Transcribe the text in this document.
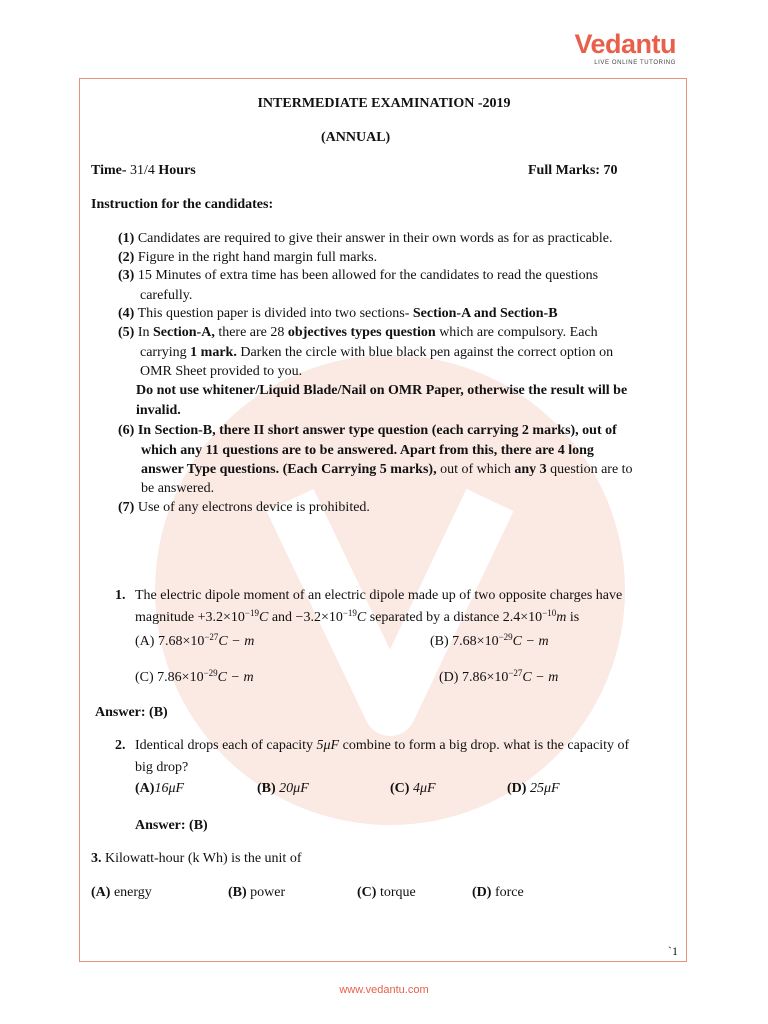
Vedantu
LIVE ONLINE TUTORING
INTERMEDIATE EXAMINATION -2019
(ANNUAL)
Time- 31/4 Hours	Full Marks: 70
Instruction for the candidates:
(1) Candidates are required to give their answer in their own words as for as practicable.
(2) Figure in the right hand margin full marks.
(3) 15 Minutes of extra time has been allowed for the candidates to read the questions
carefully.
(4) This question paper is divided into two sections- Section-A and Section-B
(5) In Section-A, there are 28 objectives types question which are compulsory. Each
carrying 1 mark. Darken the circle with blue black pen against the correct option on
OMR Sheet provided to you.
Do not use whitener/Liquid Blade/Nail on OMR Paper, otherwise the result will be
invalid.
(6) In Section-B, there II short answer type question (each carrying 2 marks), out of
which any 11 questions are to be answered. Apart from this, there are 4 long
answer Type questions. (Each Carrying 5 marks), out of which any 3 question are to
be answered.
(7) Use of any electrons device is prohibited.
1. The electric dipole moment of an electric dipole made up of two opposite charges have
magnitude $+3.2\times 10^{-19}C$ and $-3.2\times 10^{-19}C$ separated by a distance $2.4\times 10^{-10}m$ is
(A) $7.68\times 10^{-27}C - m$	(B) $7.68\times 10^{-29}C - m$
(C) $7.86\times 10^{-29}C - m$	(D) $7.86\times 10^{-27}C - m$
Answer: (B)
2. Identical drops each of capacity 5μF combine to form a big drop. what is the capacity of
big drop?
(A)16μF	(B) 20μF	(C) 4μF	(D) 25μF
Answer: (B)
3. Kilowatt-hour (k Wh) is the unit of
(A) energy	(B) power	(C) torque	(D) force
`1
www.vedantu.com
